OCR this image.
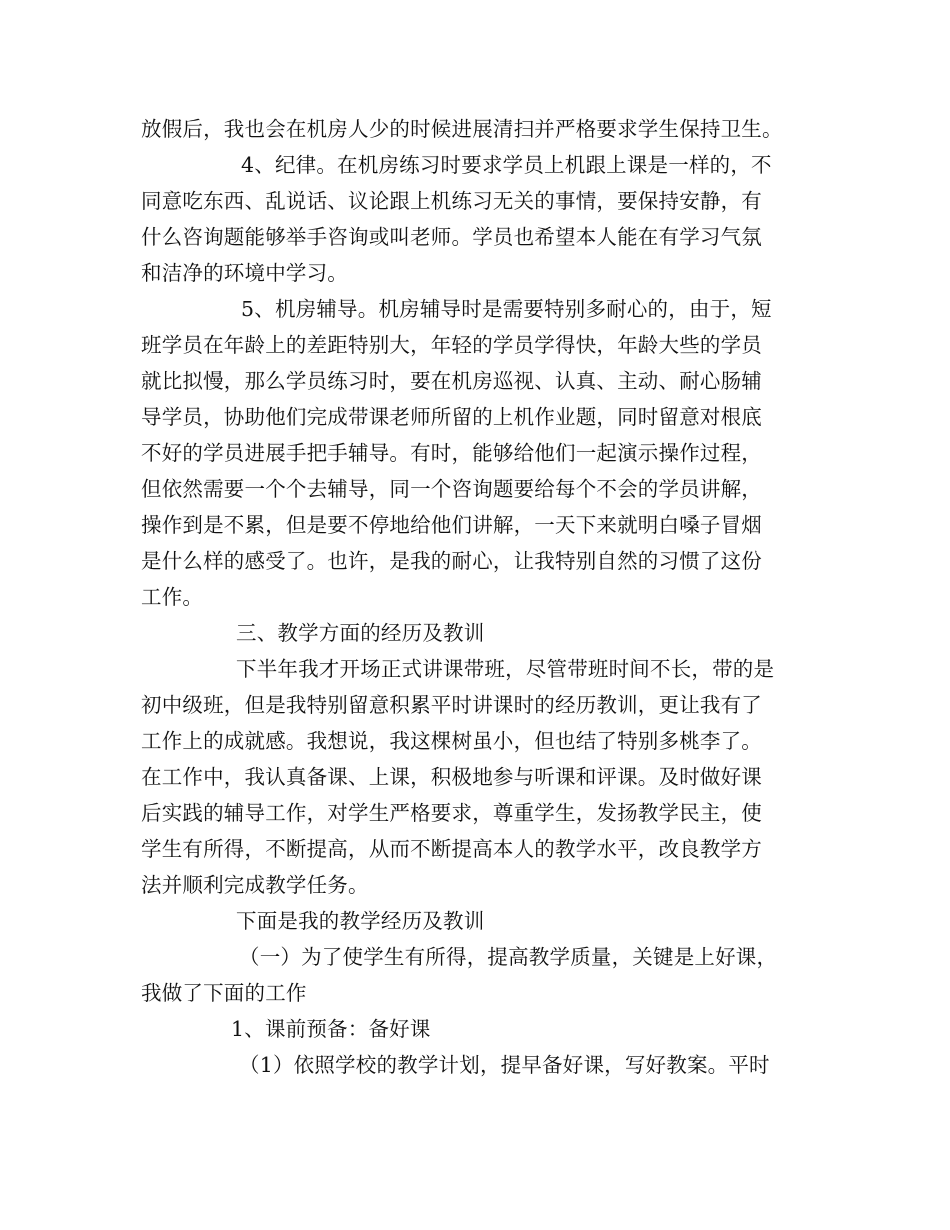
放假后，我也会在机房人少的时候进展清扫并严格要求学生保持卫生。
4、纪律。在机房练习时要求学员上机跟上课是一样的，不
同意吃东西、乱说话、议论跟上机练习无关的事情，要保持安静，有
什么咨询题能够举手咨询或叫老师。学员也希望本人能在有学习气氛
和洁净的环境中学习。
5、机房辅导。机房辅导时是需要特别多耐心的，由于，短
班学员在年龄上的差距特别大，年轻的学员学得快，年龄大些的学员
就比拟慢，那么学员练习时，要在机房巡视、认真、主动、耐心肠辅
导学员，协助他们完成带课老师所留的上机作业题，同时留意对根底
不好的学员进展手把手辅导。有时，能够给他们一起演示操作过程，
但依然需要一个个去辅导，同一个咨询题要给每个不会的学员讲解，
操作到是不累，但是要不停地给他们讲解，一天下来就明白嗓子冒烟
是什么样的感受了。也许，是我的耐心，让我特别自然的习惯了这份
工作。
三、教学方面的经历及教训
下半年我才开场正式讲课带班，尽管带班时间不长，带的是
初中级班，但是我特别留意积累平时讲课时的经历教训，更让我有了
工作上的成就感。我想说，我这棵树虽小，但也结了特别多桃李了。
在工作中，我认真备课、上课，积极地参与听课和评课。及时做好课
后实践的辅导工作，对学生严格要求，尊重学生，发扬教学民主，使
学生有所得，不断提高，从而不断提高本人的教学水平，改良教学方
法并顺利完成教学任务。
下面是我的教学经历及教训
（一）为了使学生有所得，提高教学质量，关键是上好课，
我做了下面的工作
1、课前预备：备好课
（1）依照学校的教学计划，提早备好课，写好教案。平时
